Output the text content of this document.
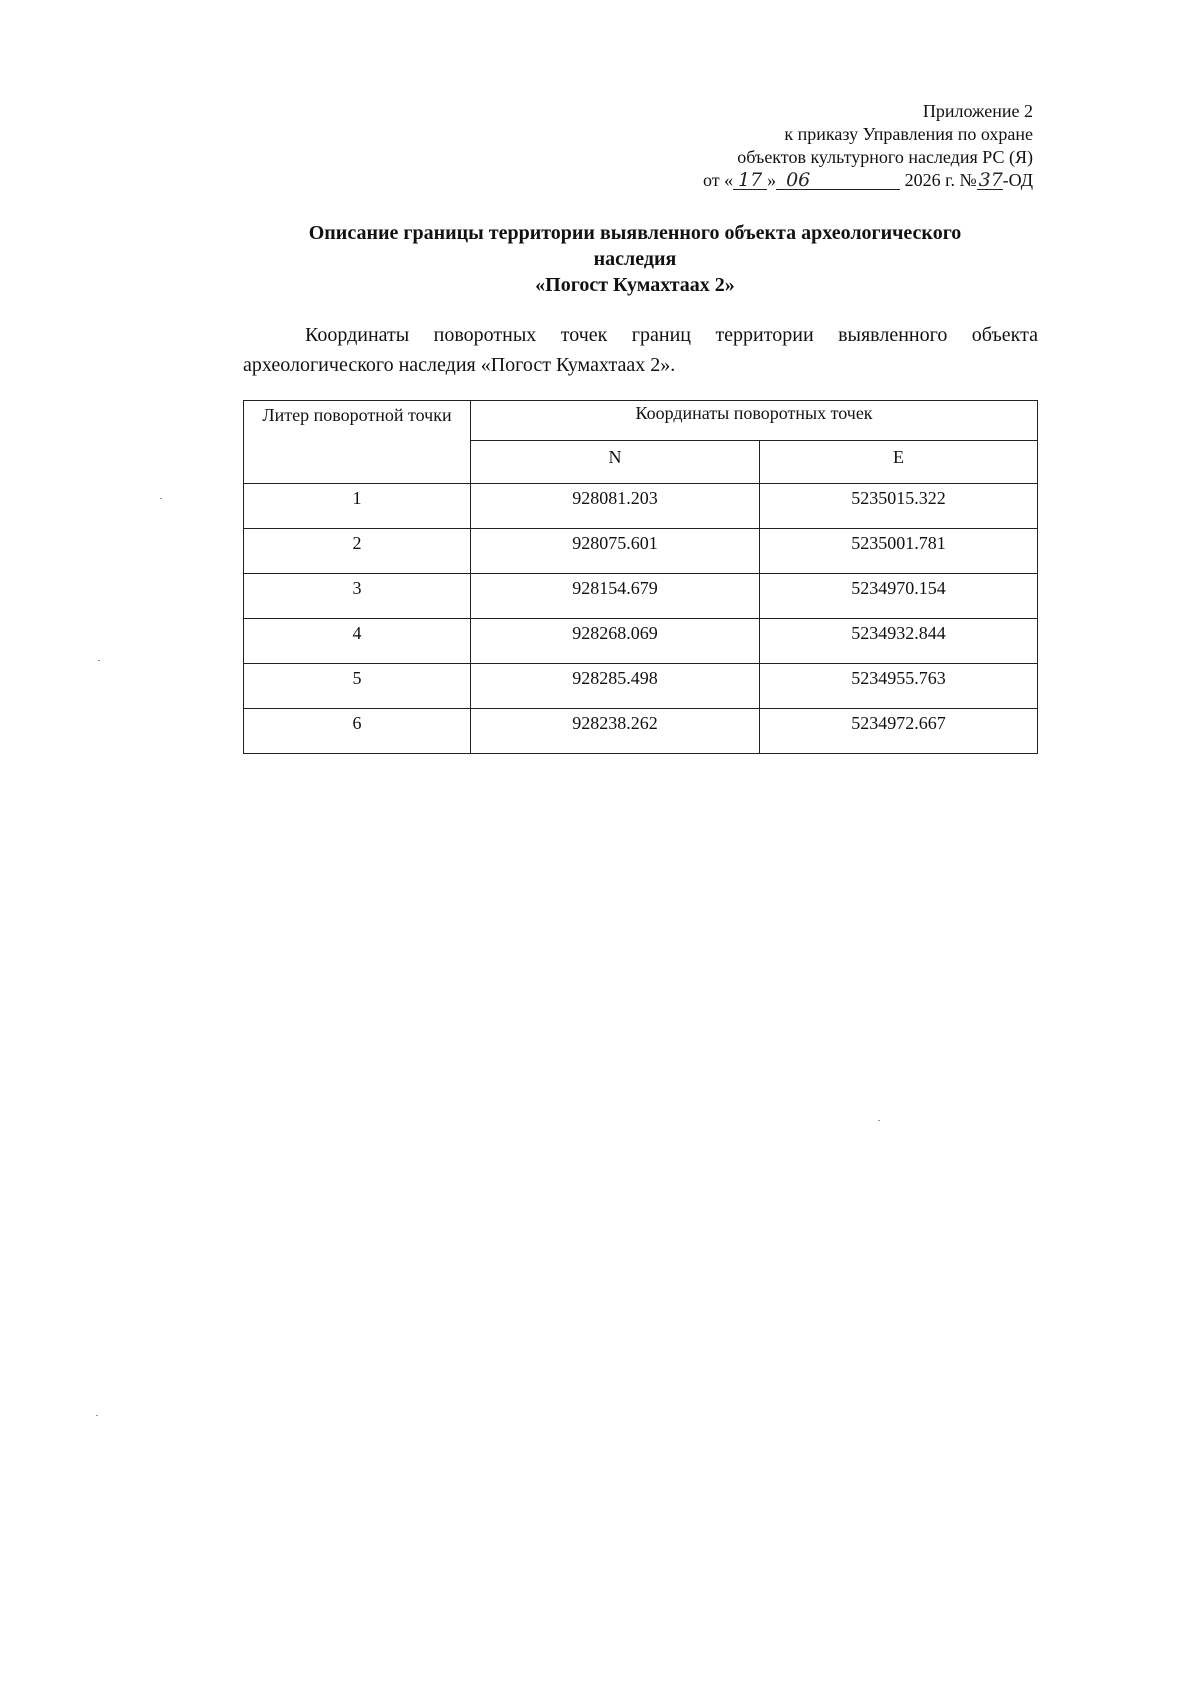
Приложение 2
к приказу Управления по охране
объектов культурного наследия РС (Я)
от « 17 » 06
	2026 г. № 37 -ОД
Описание границы территории выявленного объекта археологического
наследия
«Погост Кумахтаах 2»
Координаты поворотных точек границ территории выявленного объекта археологического наследия «Погост Кумахтаах 2».
Литер поворотной точки	Координаты поворотных точек	
	N	E
1	928081.203	5235015.322
2	928075.601	5235001.781
3	928154.679	5234970.154
4	928268.069	5234932.844
5	928285.498	5234955.763
6	928238.262	5234972.667
